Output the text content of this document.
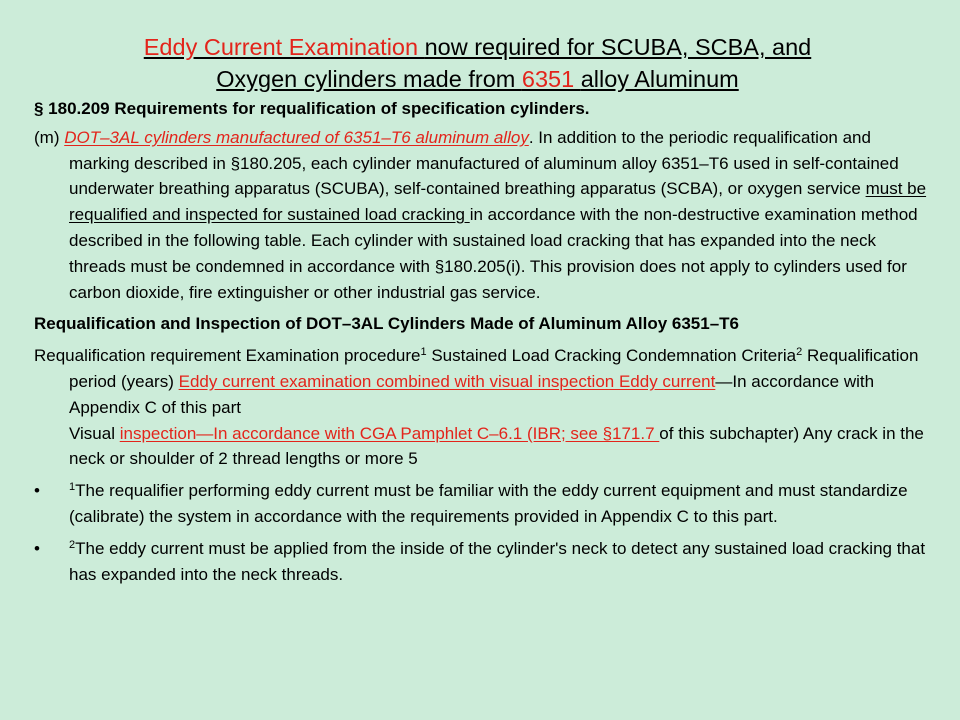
Eddy Current Examination now required for SCUBA, SCBA, and
Oxygen cylinders made from 6351 alloy Aluminum

§ 180.209 Requirements for requalification of specification cylinders.

(m) DOT–3AL cylinders manufactured of 6351–T6 aluminum alloy. In addition to the periodic requalification and marking described in §180.205, each cylinder manufactured of aluminum alloy 6351–T6 used in self-contained underwater breathing apparatus (SCUBA), self-contained breathing apparatus (SCBA), or oxygen service must be requalified and inspected for sustained load cracking in accordance with the non-destructive examination method described in the following table. Each cylinder with sustained load cracking that has expanded into the neck threads must be condemned in accordance with §180.205(i). This provision does not apply to cylinders used for carbon dioxide, fire extinguisher or other industrial gas service.

Requalification and Inspection of DOT–3AL Cylinders Made of Aluminum Alloy 6351–T6

Requalification requirement Examination procedure$^1$ Sustained Load Cracking Condemnation Criteria$^2$ Requalification period (years) Eddy current examination combined with visual inspection Eddy current—In accordance with Appendix C of this part
Visual inspection—In accordance with CGA Pamphlet C–6.1 (IBR; see §171.7 of this subchapter) Any crack in the neck or shoulder of 2 thread lengths or more 5

•	$^1$The requalifier performing eddy current must be familiar with the eddy current equipment and must standardize (calibrate) the system in accordance with the requirements provided in Appendix C to this part.

•	$^2$The eddy current must be applied from the inside of the cylinder's neck to detect any sustained load cracking that has expanded into the neck threads.
